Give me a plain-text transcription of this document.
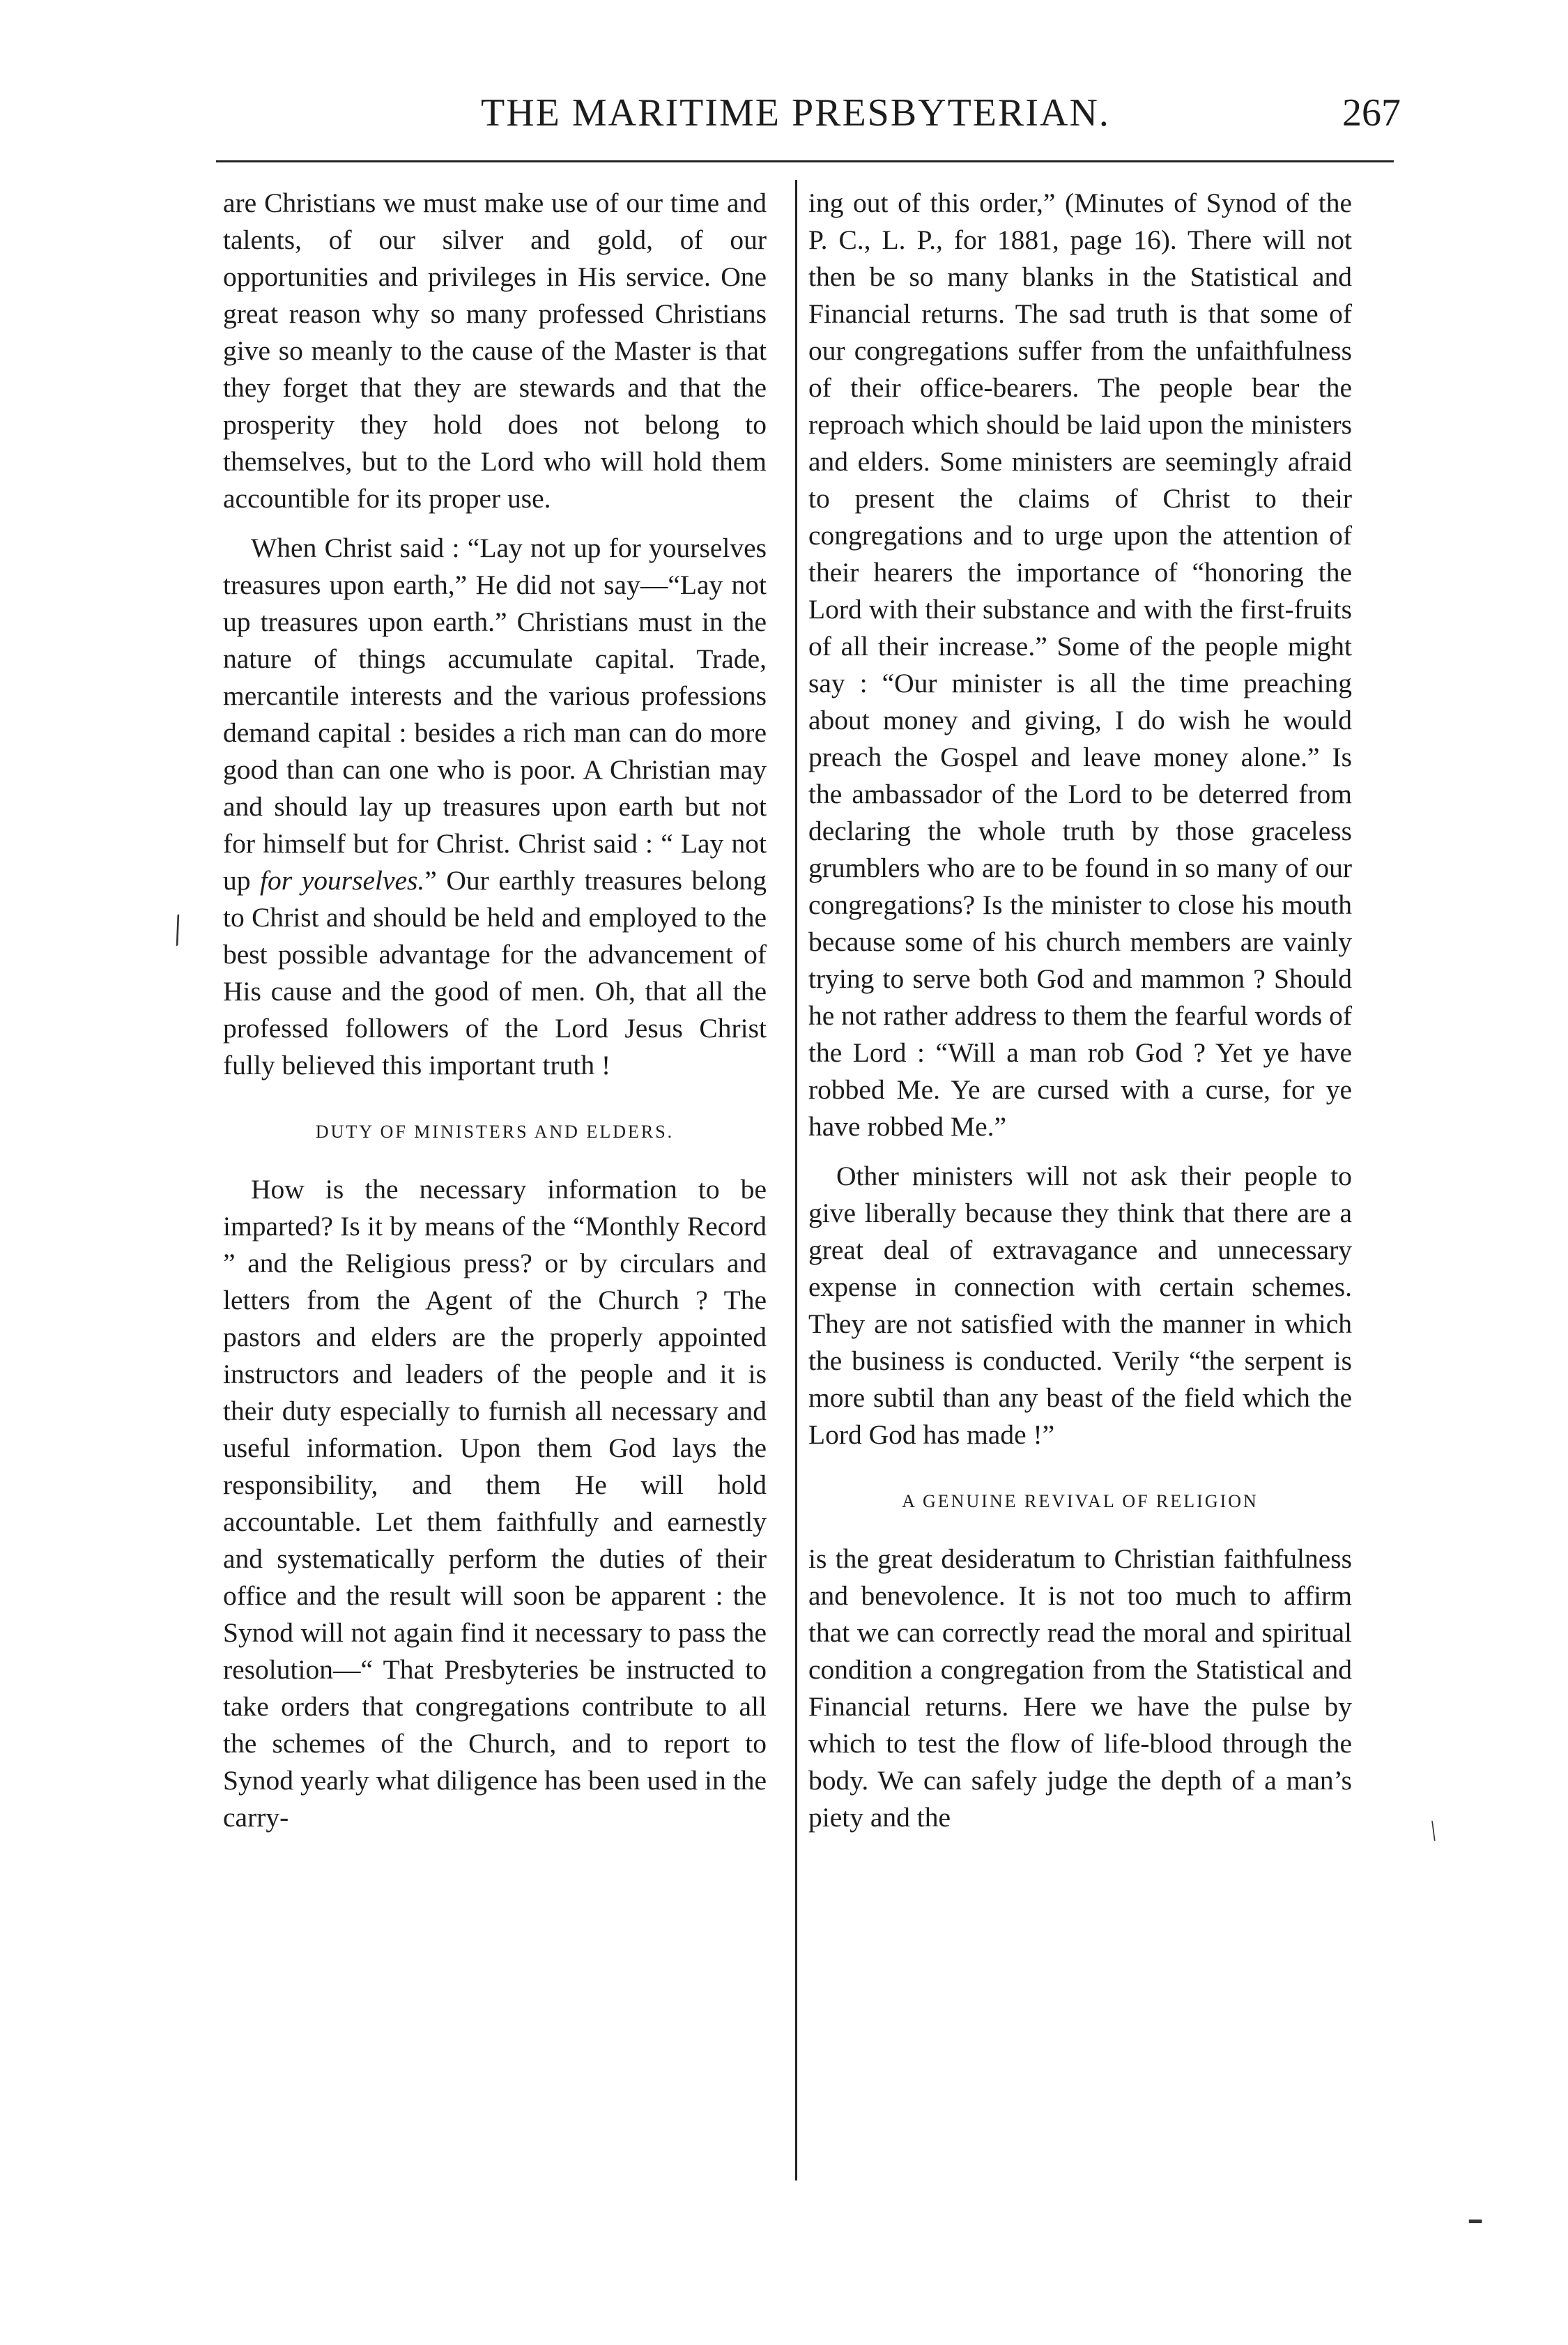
THE MARITIME PRESBYTERIAN.	267

are Christians we must make use of our time and talents, of our silver and gold, of our opportunities and privileges in His service. One great reason why so many professed Christians give so meanly to the cause of the Master is that they forget that they are stewards and that the prosperity they hold does not belong to themselves, but to the Lord who will hold them accountible for its proper use.

When Christ said : “Lay not up for yourselves treasures upon earth,” He did not say—“Lay not up treasures upon earth.” Christians must in the nature of things accumulate capital. Trade, mercantile interests and the various professions demand capital : besides a rich man can do more good than can one who is poor. A Christian may and should lay up treasures upon earth but not for himself but for Christ. Christ said : “ Lay not up for yourselves.” Our earthly treasures belong to Christ and should be held and employed to the best possible advantage for the advancement of His cause and the good of men. Oh, that all the professed followers of the Lord Jesus Christ fully believed this important truth !

DUTY OF MINISTERS AND ELDERS.

How is the necessary information to be imparted? Is it by means of the “Monthly Record ” and the Religious press? or by circulars and letters from the Agent of the Church ? The pastors and elders are the properly appointed instructors and leaders of the people and it is their duty especially to furnish all necessary and useful information. Upon them God lays the responsibility, and them He will hold accountable. Let them faithfully and earnestly and systematically perform the duties of their office and the result will soon be apparent : the Synod will not again find it necessary to pass the resolution—“ That Presbyteries be instructed to take orders that congregations contribute to all the schemes of the Church, and to report to Synod yearly what diligence has been used in the carry-

ing out of this order,” (Minutes of Synod of the P. C., L. P., for 1881, page 16). There will not then be so many blanks in the Statistical and Financial returns. The sad truth is that some of our congregations suffer from the unfaithfulness of their office-bearers. The people bear the reproach which should be laid upon the ministers and elders. Some ministers are seemingly afraid to present the claims of Christ to their congregations and to urge upon the attention of their hearers the importance of “honoring the Lord with their substance and with the first-fruits of all their increase.” Some of the people might say : “Our minister is all the time preaching about money and giving, I do wish he would preach the Gospel and leave money alone.” Is the ambassador of the Lord to be deterred from declaring the whole truth by those graceless grumblers who are to be found in so many of our congregations? Is the minister to close his mouth because some of his church members are vainly trying to serve both God and mammon ? Should he not rather address to them the fearful words of the Lord : “Will a man rob God ? Yet ye have robbed Me. Ye are cursed with a curse, for ye have robbed Me.”

Other ministers will not ask their people to give liberally because they think that there are a great deal of extravagance and unnecessary expense in connection with certain schemes. They are not satisfied with the manner in which the business is conducted. Verily “the serpent is more subtil than any beast of the field which the Lord God has made !”

A GENUINE REVIVAL OF RELIGION

is the great desideratum to Christian faithfulness and benevolence. It is not too much to affirm that we can correctly read the moral and spiritual condition a congregation from the Statistical and Financial returns. Here we have the pulse by which to test the flow of life-blood through the body. We can safely judge the depth of a man’s piety and the

╱
╲
━
